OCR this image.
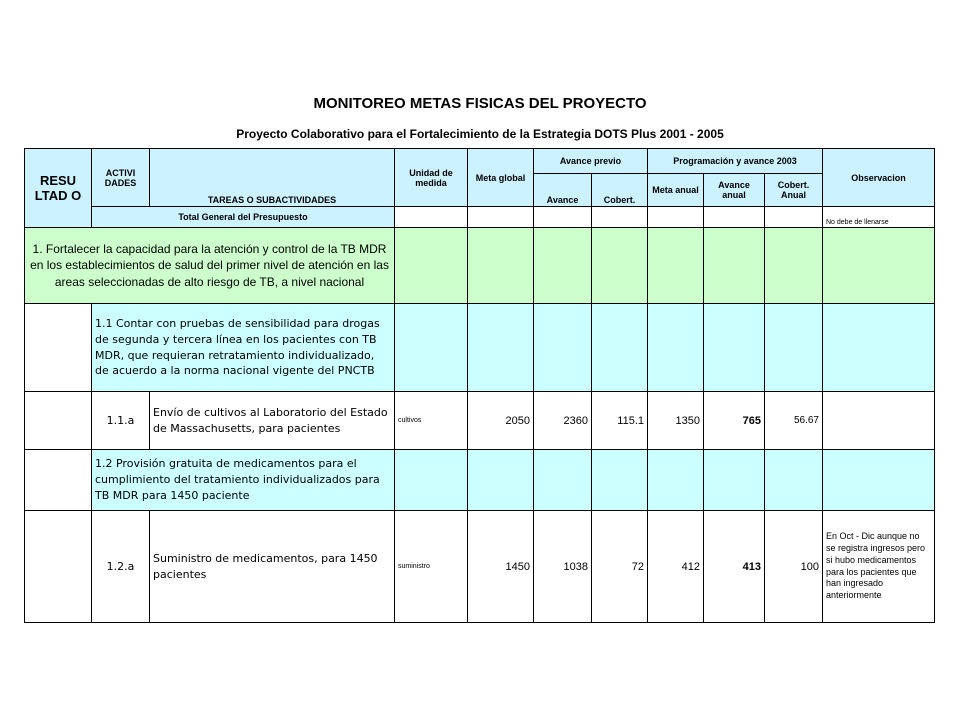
MONITOREO METAS FISICAS DEL PROYECTO
Proyecto Colaborativo para el Fortalecimiento de la Estrategia DOTS Plus 2001 - 2005
RESU LTAD O	ACTIVI DADES	TAREAS O SUBACTIVIDADES	Unidad de medida	Meta global	Avance previo		Programación y avance 2003			Observacion
					Avance	Cobert.	Meta anual	Avance anual	Cobert. Anual	
	Total General del Presupuesto									No debe de llenarse
1. Fortalecer la capacidad para la atención y control de la TB MDR en los establecimientos de salud del primer nivel de atención en las areas seleccionadas de alto riesgo de TB, a nivel nacional										
	1.1 Contar con pruebas de sensibilidad para drogas de segunda y tercera línea en los pacientes con TB MDR, que requieran retratamiento individualizado, de acuerdo a la norma nacional vigente del PNCTB									
	1.1.a	Envío de cultivos al Laboratorio del Estado de Massachusetts, para pacientes	cultivos	2050	2360	115.1	1350	765	56.67	
	1.2 Provisión gratuita de medicamentos para el cumplimiento del tratamiento individualizados para TB MDR para 1450 paciente									
	1.2.a	Suministro de medicamentos, para 1450 pacientes	suministro	1450	1038	72	412	413	100	En Oct - Dic aunque no se registra ingresos pero si hubo medicamentos para los pacientes que han ingresado anteriormente
